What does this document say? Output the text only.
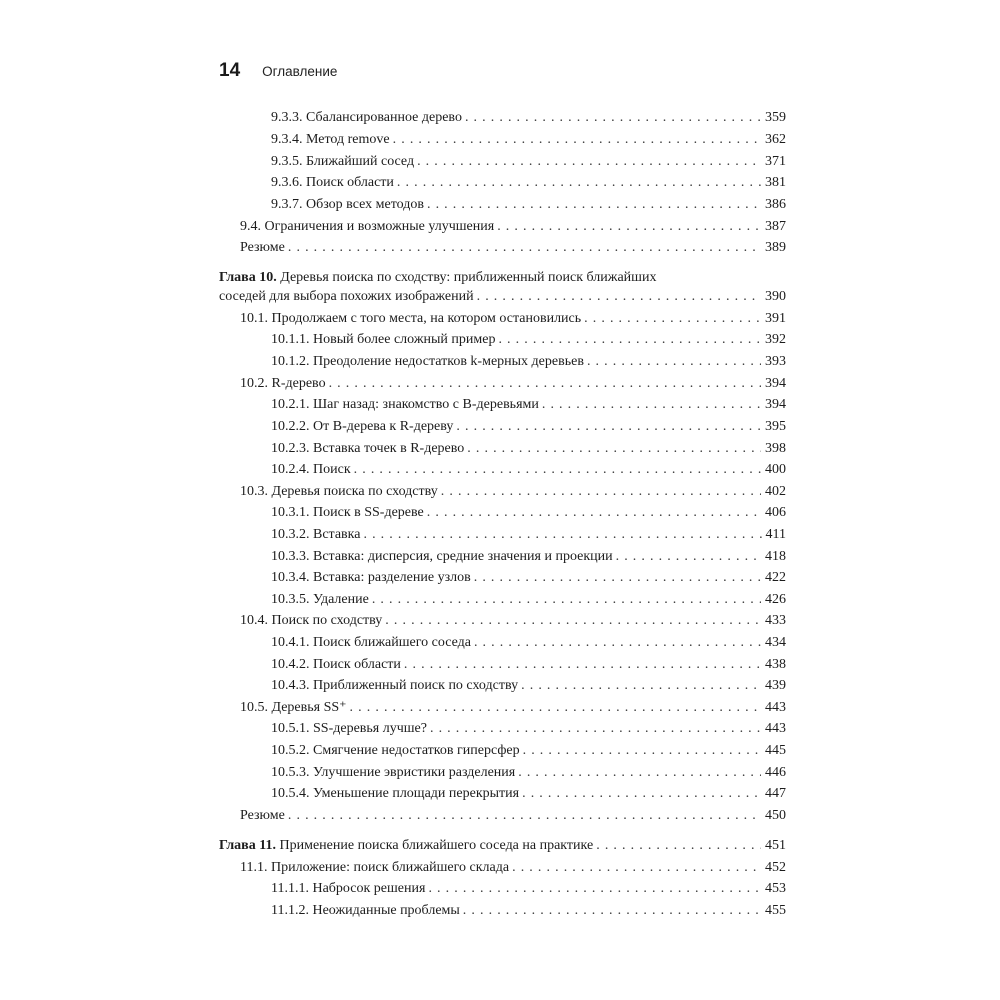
14 Оглавление
9.3.3. Сбалансированное дерево . . .	359
9.3.4. Метод remove . . .	362
9.3.5. Ближайший сосед . . .	371
9.3.6. Поиск области . . .	381
9.3.7. Обзор всех методов . . .	386
9.4. Ограничения и возможные улучшения . . .	387
Резюме . . .	389
Глава 10. Деревья поиска по сходству: приближенный поиск ближайших
соседей для выбора похожих изображений . . .	390
10.1. Продолжаем с того места, на котором остановились . . .	391
10.1.1. Новый более сложный пример . . .	392
10.1.2. Преодоление недостатков k-мерных деревьев . . .	393
10.2. R-дерево . . .	394
10.2.1. Шаг назад: знакомство с B-деревьями . . .	394
10.2.2. От B-дерева к R-дереву . . .	395
10.2.3. Вставка точек в R-дерево . . .	398
10.2.4. Поиск . . .	400
10.3. Деревья поиска по сходству . . .	402
10.3.1. Поиск в SS-дереве . . .	406
10.3.2. Вставка . . .	411
10.3.3. Вставка: дисперсия, средние значения и проекции . . .	418
10.3.4. Вставка: разделение узлов . . .	422
10.3.5. Удаление . . .	426
10.4. Поиск по сходству . . .	433
10.4.1. Поиск ближайшего соседа . . .	434
10.4.2. Поиск области . . .	438
10.4.3. Приближенный поиск по сходству . . .	439
10.5. Деревья SS⁺ . . .	443
10.5.1. SS-деревья лучше? . . .	443
10.5.2. Смягчение недостатков гиперсфер . . .	445
10.5.3. Улучшение эвристики разделения . . .	446
10.5.4. Уменьшение площади перекрытия . . .	447
Резюме . . .	450
Глава 11. Применение поиска ближайшего соседа на практике . . .	451
11.1. Приложение: поиск ближайшего склада . . .	452
11.1.1. Набросок решения . . .	453
11.1.2. Неожиданные проблемы . . .	455
